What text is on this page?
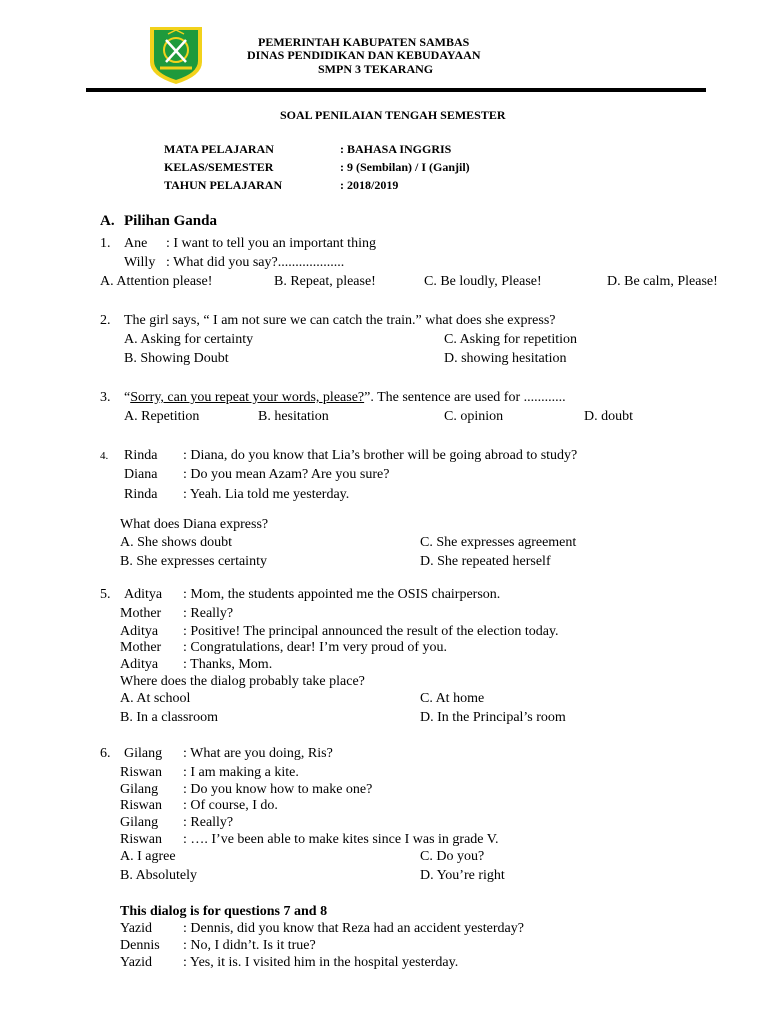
PEMERINTAH KABUPATEN SAMBAS
DINAS PENDIDIKAN DAN KEBUDAYAAN
SMPN 3 TEKARANG
SOAL PENILAIAN TENGAH SEMESTER
MATA PELAJARAN	: BAHASA INGGRIS
KELAS/SEMESTER	: 9 (Sembilan) / I (Ganjil)
TAHUN PELAJARAN	: 2018/2019
A. Pilihan Ganda
1. Ane : I want to tell you an important thing
Willy : What did you say?...................
A. Attention please!	B. Repeat, please!	C. Be loudly, Please!	D. Be calm, Please!
2. The girl says, “ I am not sure we can catch the train.” what does she express?
A. Asking for certainty	C. Asking for repetition
B. Showing Doubt	D. showing hesitation
3. “Sorry, can you repeat your words, please?”. The sentence are used for ............
A. Repetition	B. hesitation	C. opinion	D. doubt
4. Rinda : Diana, do you know that Lia’s brother will be going abroad to study?
Diana : Do you mean Azam? Are you sure?
Rinda : Yeah. Lia told me yesterday.
What does Diana express?
A. She shows doubt	C. She expresses agreement
B. She expresses certainty	D. She repeated herself
5. Aditya : Mom, the students appointed me the OSIS chairperson.
Mother : Really?
Aditya : Positive! The principal announced the result of the election today.
Mother : Congratulations, dear! I’m very proud of you.
Aditya : Thanks, Mom.
Where does the dialog probably take place?
A. At school	C. At home
B. In a classroom	D. In the Principal’s room
6. Gilang : What are you doing, Ris?
Riswan : I am making a kite.
Gilang : Do you know how to make one?
Riswan : Of course, I do.
Gilang : Really?
Riswan : …. I’ve been able to make kites since I was in grade V.
A. I agree	C. Do you?
B. Absolutely	D. You’re right
This dialog is for questions 7 and 8
Yazid : Dennis, did you know that Reza had an accident yesterday?
Dennis : No, I didn’t. Is it true?
Yazid : Yes, it is. I visited him in the hospital yesterday.
